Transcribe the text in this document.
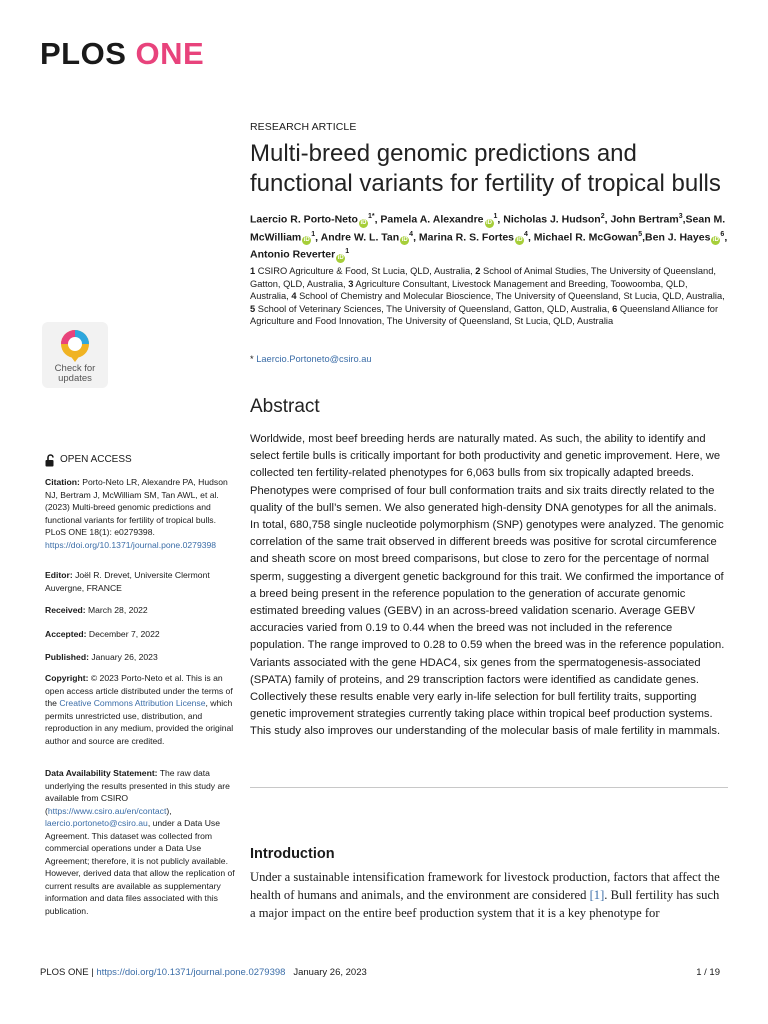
PLOS ONE
Check for
updates
RESEARCH ARTICLE
Multi-breed genomic predictions and functional variants for fertility of tropical bulls
Laercio R. Porto-Neto $iD^{1*}$, Pamela A. Alexandre $iD^1$, Nicholas J. Hudson$^2$, John Bertram$^3$,Sean M. McWilliam $iD^1$, Andre W. L. Tan $iD^4$, Marina R. S. Fortes $iD^4$, Michael R. McGowan$^5$,Ben J. Hayes $iD^6$, Antonio Reverter $iD^1$
1 CSIRO Agriculture & Food, St Lucia, QLD, Australia, 2 School of Animal Studies, The University of Queensland, Gatton, QLD, Australia, 3 Agriculture Consultant, Livestock Management and Breeding, Toowoomba, QLD, Australia, 4 School of Chemistry and Molecular Bioscience, The University of Queensland, St Lucia, QLD, Australia, 5 School of Veterinary Sciences, The University of Queensland, Gatton, QLD, Australia, 6 Queensland Alliance for Agriculture and Food Innovation, The University of Queensland, St Lucia, QLD, Australia
* Laercio.Portoneto@csiro.au
Abstract
Worldwide, most beef breeding herds are naturally mated. As such, the ability to identify and select fertile bulls is critically important for both productivity and genetic improvement. Here, we collected ten fertility-related phenotypes for 6,063 bulls from six tropically adapted breeds. Phenotypes were comprised of four bull conformation traits and six traits directly related to the quality of the bull’s semen. We also generated high-density DNA genotypes for all the animals. In total, 680,758 single nucleotide polymorphism (SNP) genotypes were analyzed. The genomic correlation of the same trait observed in different breeds was positive for scrotal circumference and sheath score on most breed comparisons, but close to zero for the percentage of normal sperm, suggesting a divergent genetic background for this trait. We confirmed the importance of a breed being present in the reference population to the generation of accurate genomic estimated breeding values (GEBV) in an across-breed validation scenario. Average GEBV accuracies varied from 0.19 to 0.44 when the breed was not included in the reference population. The range improved to 0.28 to 0.59 when the breed was in the reference population. Variants associated with the gene HDAC4, six genes from the spermatogenesis-associated (SPATA) family of proteins, and 29 transcription factors were identified as candidate genes. Collectively these results enable very early in-life selection for bull fertility traits, supporting genetic improvement strategies currently taking place within tropical beef production systems. This study also improves our understanding of the molecular basis of male fertility in mammals.
Introduction
Under a sustainable intensification framework for livestock production, factors that affect the health of humans and animals, and the environment are considered [1]. Bull fertility has such a major impact on the entire beef production system that it is a key phenotype for
OPEN ACCESS

Citation: Porto-Neto LR, Alexandre PA, Hudson NJ, Bertram J, McWilliam SM, Tan AWL, et al. (2023) Multi-breed genomic predictions and functional variants for fertility of tropical bulls. PLoS ONE 18(1): e0279398. https://doi.org/10.1371/journal.pone.0279398

Editor: Joël R. Drevet, Universite Clermont Auvergne, FRANCE

Received: March 28, 2022

Accepted: December 7, 2022

Published: January 26, 2023

Copyright: © 2023 Porto-Neto et al. This is an open access article distributed under the terms of the Creative Commons Attribution License, which permits unrestricted use, distribution, and reproduction in any medium, provided the original author and source are credited.

Data Availability Statement: The raw data underlying the results presented in this study are available from CSIRO (https://www.csiro.au/en/contact), laercio.portoneto@csiro.au, under a Data Use Agreement. This dataset was collected from commercial operations under a Data Use Agreement; therefore, it is not publicly available. However, derived data that allow the replication of current results are available as supplementary information and data files associated with this publication.

PLOS ONE | https://doi.org/10.1371/journal.pone.0279398 January 26, 2023	1 / 19
